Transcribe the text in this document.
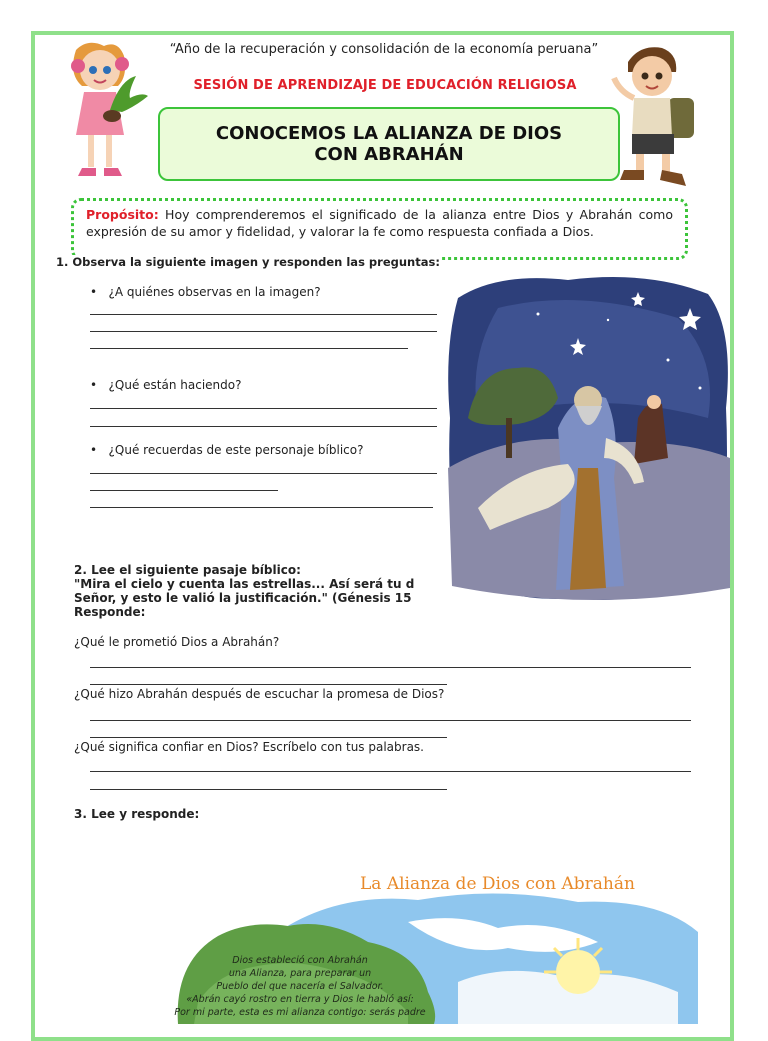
“Año de la recuperación y consolidación de la economía peruana”
SESIÓN DE APRENDIZAJE DE EDUCACIÓN RELIGIOSA
CONOCEMOS LA ALIANZA DE DIOS
CON ABRAHÁN
Propósito: Hoy comprenderemos el significado de la alianza entre Dios y Abrahán como expresión de su amor y fidelidad, y valorar la fe como respuesta confiada a Dios.
1. Observa la siguiente imagen y responden las preguntas:
• ¿A quiénes observas en la imagen?
• ¿Qué están haciendo?
• ¿Qué recuerdas de este personaje bíblico?
2. Lee el siguiente pasaje bíblico:
"Mira el cielo y cuenta las estrellas... Así será tu d
Señor, y esto le valió la justificación." (Génesis 15
Responde:
¿Qué le prometió Dios a Abrahán?
¿Qué hizo Abrahán después de escuchar la promesa de Dios?
¿Qué significa confiar en Dios? Escríbelo con tus palabras.
3. Lee y responde:
La Alianza de Dios con Abrahán
Dios estableció con Abrahán
una Alianza, para preparar un
Pueblo del que nacería el Salvador.
«Abrán cayó rostro en tierra y Dios le habló así:
Por mi parte, esta es mi alianza contigo: serás padre
